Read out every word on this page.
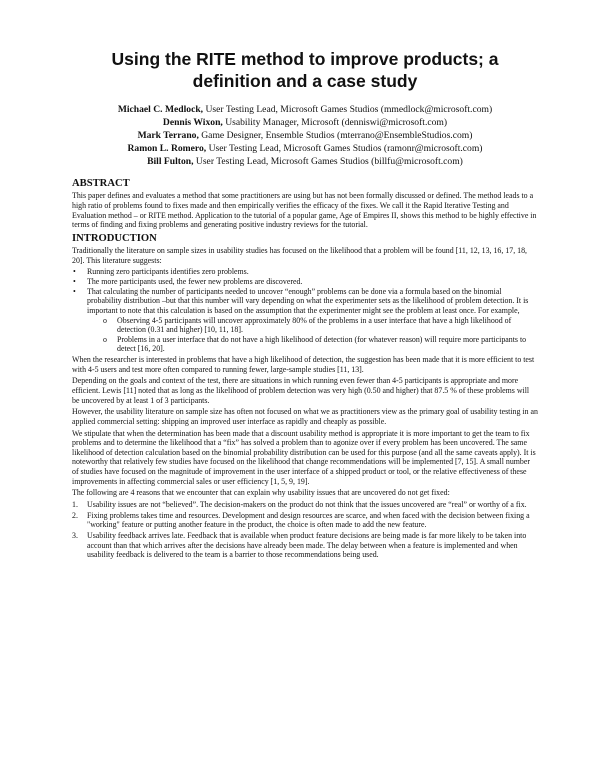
Using the RITE method to improve products; a definition and a case study
Michael C. Medlock, User Testing Lead, Microsoft Games Studios (mmedlock@microsoft.com)
Dennis Wixon, Usability Manager, Microsoft (denniswi@microsoft.com)
Mark Terrano, Game Designer, Ensemble Studios (mterrano@EnsembleStudios.com)
Ramon L. Romero, User Testing Lead, Microsoft Games Studios (ramonr@microsoft.com)
Bill Fulton, User Testing Lead, Microsoft Games Studios (billfu@microsoft.com)
ABSTRACT

This paper defines and evaluates a method that some practitioners are using but has not been formally discussed or defined. The method leads to a high ratio of problems found to fixes made and then empirically verifies the efficacy of the fixes. We call it the Rapid Iterative Testing and Evaluation method – or RITE method. Application to the tutorial of a popular game, Age of Empires II, shows this method to be highly effective in terms of finding and fixing problems and generating positive industry reviews for the tutorial.

INTRODUCTION

Traditionally the literature on sample sizes in usability studies has focused on the likelihood that a problem will be found [11, 12, 13, 16, 17, 18, 20]. This literature suggests:

• Running zero participants identifies zero problems.
• The more participants used, the fewer new problems are discovered.
• That calculating the number of participants needed to uncover “enough” problems can be done via a formula based on the binomial probability distribution –but that this number will vary depending on what the experimenter sets as the likelihood of problem detection. It is important to note that this calculation is based on the assumption that the experimenter might see the problem at least once. For example,
o Observing 4-5 participants will uncover approximately 80% of the problems in a user interface that have a high likelihood of detection (0.31 and higher) [10, 11, 18].
o Problems in a user interface that do not have a high likelihood of detection (for whatever reason) will require more participants to detect [16, 20].

When the researcher is interested in problems that have a high likelihood of detection, the suggestion has been made that it is more efficient to test with 4-5 users and test more often compared to running fewer, large-sample studies [11, 13].

Depending on the goals and context of the test, there are situations in which running even fewer than 4-5 participants is appropriate and more efficient. Lewis [11] noted that as long as the likelihood of problem detection was very high (0.50 and higher) that 87.5 % of these problems will be uncovered by at least 1 of 3 participants.

However, the usability literature on sample size has often not focused on what we as practitioners view as the primary goal of usability testing in an applied commercial setting: shipping an improved user interface as rapidly and cheaply as possible.

We stipulate that when the determination has been made that a discount usability method is appropriate it is more important to get the team to fix problems and to determine the likelihood that a “fix” has solved a problem than to agonize over if every problem has been uncovered. The same likelihood of detection calculation based on the binomial probability distribution can be used for this purpose (and all the same caveats apply). It is noteworthy that relatively few studies have focused on the likelihood that change recommendations will be implemented [7, 15]. A small number of studies have focused on the magnitude of improvement in the user interface of a shipped product or tool, or the relative effectiveness of these improvements in affecting commercial sales or user efficiency [1, 5, 9, 19].

The following are 4 reasons that we encounter that can explain why usability issues that are uncovered do not get fixed:

1. Usability issues are not “believed”. The decision-makers on the product do not think that the issues uncovered are “real” or worthy of a fix.
2. Fixing problems takes time and resources. Development and design resources are scarce, and when faced with the decision between fixing a "working" feature or putting another feature in the product, the choice is often made to add the new feature.
3. Usability feedback arrives late. Feedback that is available when product feature decisions are being made is far more likely to be taken into account than that which arrives after the decisions have already been made. The delay between when a feature is implemented and when usability feedback is delivered to the team is a barrier to those recommendations being used.
